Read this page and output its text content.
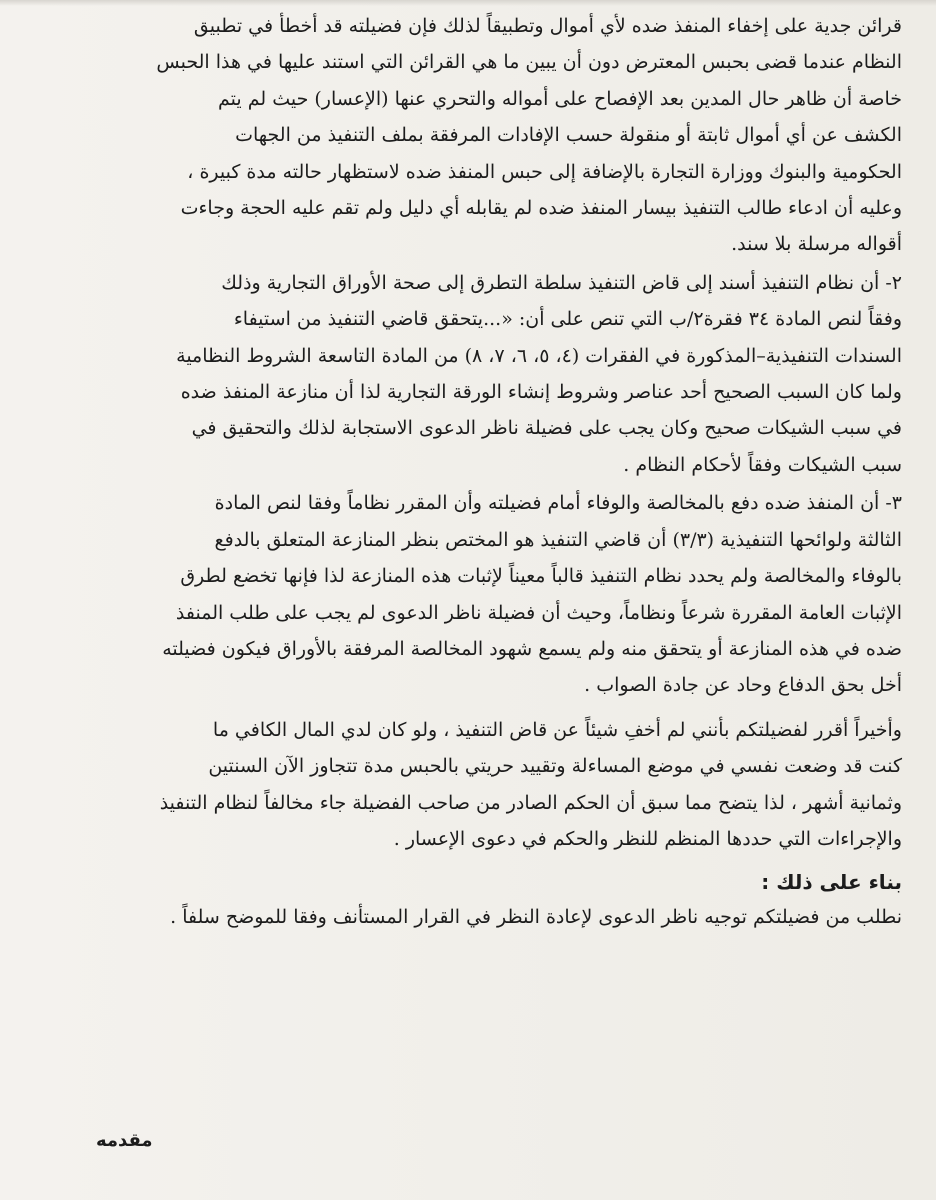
قرائن جدية على إخفاء المنفذ ضده لأي أموال وتطبيقاً لذلك فإن فضيلته قد أخطأ في تطبيق
النظام عندما قضى بحبس المعترض دون أن يبين ما هي القرائن التي استند عليها في هذا الحبس
خاصة أن ظاهر حال المدين بعد الإفصاح على أمواله والتحري عنها (الإعسار) حيث لم يتم
الكشف عن أي أموال ثابتة أو منقولة حسب الإفادات المرفقة بملف التنفيذ من الجهات
الحكومية والبنوك ووزارة التجارة بالإضافة إلى حبس المنفذ ضده لاستظهار حالته مدة كبيرة ،
وعليه أن ادعاء طالب التنفيذ بيسار المنفذ ضده لم يقابله أي دليل ولم تقم عليه الحجة وجاءت
أقواله مرسلة بلا سند.

٢- أن نظام التنفيذ أسند إلى قاض التنفيذ سلطة التطرق إلى صحة الأوراق التجارية وذلك
وفقاً لنص المادة ٣٤ فقرة٢/ب التي تنص على أن: «...يتحقق قاضي التنفيذ من استيفاء
السندات التنفيذية–المذكورة في الفقرات (٤، ٥، ٦، ٧، ٨) من المادة التاسعة الشروط النظامية
ولما كان السبب الصحيح أحد عناصر وشروط إنشاء الورقة التجارية لذا أن منازعة المنفذ ضده
في سبب الشيكات صحيح وكان يجب على فضيلة ناظر الدعوى الاستجابة لذلك والتحقيق في
سبب الشيكات وفقاً لأحكام النظام .

٣- أن المنفذ ضده دفع بالمخالصة والوفاء أمام فضيلته وأن المقرر نظاماً وفقا لنص المادة
الثالثة ولوائحها التنفيذية (٣/٣) أن قاضي التنفيذ هو المختص بنظر المنازعة المتعلق بالدفع
بالوفاء والمخالصة ولم يحدد نظام التنفيذ قالباً معيناً لإثبات هذه المنازعة لذا فإنها تخضع لطرق
الإثبات العامة المقررة شرعاً ونظاماً، وحيث أن فضيلة ناظر الدعوى لم يجب على طلب المنفذ
ضده في هذه المنازعة أو يتحقق منه ولم يسمع شهود المخالصة المرفقة بالأوراق فيكون فضيلته
أخل بحق الدفاع وحاد عن جادة الصواب .

وأخيراً أقرر لفضيلتكم بأنني لم أخفِ شيئاً عن قاض التنفيذ ، ولو كان لدي المال الكافي ما
كنت قد وضعت نفسي في موضع المساءلة وتقييد حريتي بالحبس مدة تتجاوز الآن السنتين
وثمانية أشهر ، لذا يتضح مما سبق أن الحكم الصادر من صاحب الفضيلة جاء مخالفاً لنظام التنفيذ
والإجراءات التي حددها المنظم للنظر والحكم في دعوى الإعسار .

بناء على ذلك :

نطلب من فضيلتكم توجيه ناظر الدعوى لإعادة النظر في القرار المستأنف وفقا للموضح سلفاً .

مقدمه
